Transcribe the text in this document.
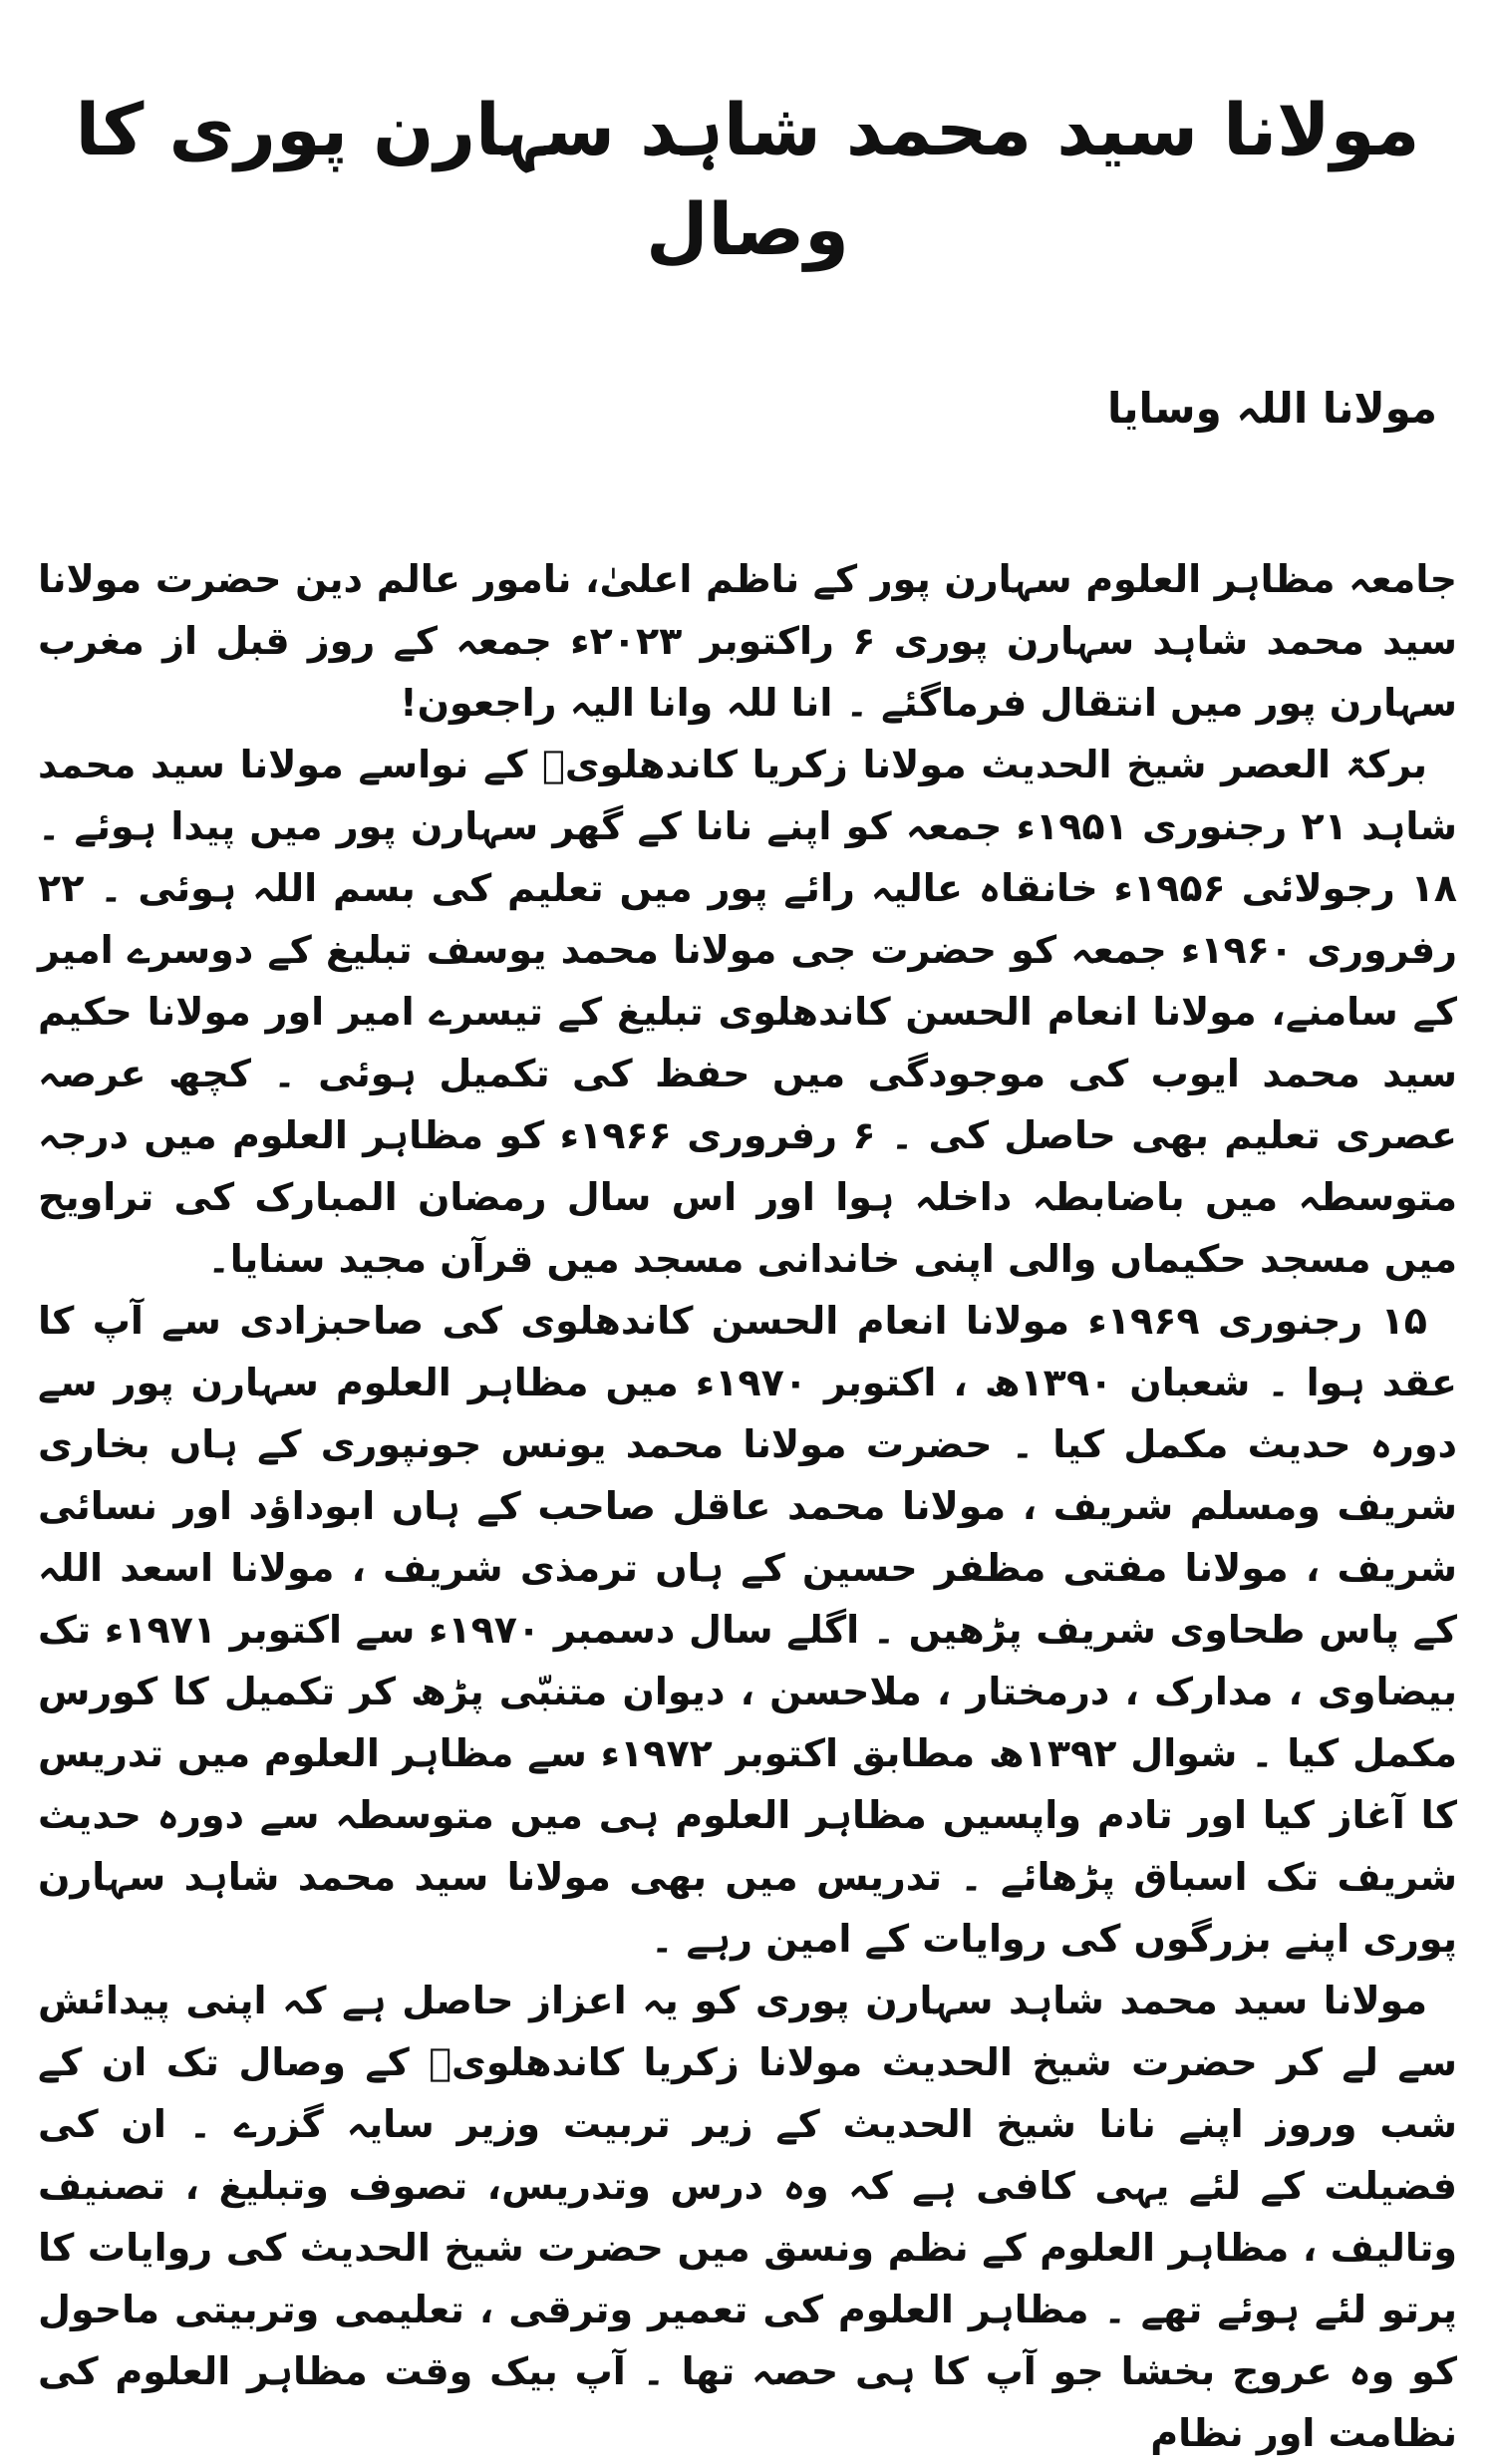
مولانا سید محمد شاہد سہارن پوری کا وصال
مولانا اللہ وسایا

جامعہ مظاہر العلوم سہارن پور کے ناظم اعلیٰ، نامور عالم دین حضرت مولانا سید محمد شاہد سہارن پوری ۶ راکتوبر ۲۰۲۳ء جمعہ کے روز قبل از مغرب سہارن پور میں انتقال فرماگئے ۔ انا للہ وانا الیہ راجعون!

برکۃ العصر شیخ الحدیث مولانا زکریا کاندھلویؒ کے نواسے مولانا سید محمد شاہد ۲۱ رجنوری ۱۹۵۱ء جمعہ کو اپنے نانا کے گھر سہارن پور میں پیدا ہوئے ۔ ۱۸ رجولائی ۱۹۵۶ء خانقاہ عالیہ رائے پور میں تعلیم کی بسم اللہ ہوئی ۔ ۲۲ رفروری ۱۹۶۰ء جمعہ کو حضرت جی مولانا محمد یوسف تبلیغ کے دوسرے امیر کے سامنے، مولانا انعام الحسن کاندھلوی تبلیغ کے تیسرے امیر اور مولانا حکیم سید محمد ایوب کی موجودگی میں حفظ کی تکمیل ہوئی ۔ کچھ عرصہ عصری تعلیم بھی حاصل کی ۔ ۶ رفروری ۱۹۶۶ء کو مظاہر العلوم میں درجہ متوسطہ میں باضابطہ داخلہ ہوا اور اس سال رمضان المبارک کی تراویح میں مسجد حکیماں والی اپنی خاندانی مسجد میں قرآن مجید سنایا۔

۱۵ رجنوری ۱۹۶۹ء مولانا انعام الحسن کاندھلوی کی صاحبزادی سے آپ کا عقد ہوا ۔ شعبان ۱۳۹۰ھ ، اکتوبر ۱۹۷۰ء میں مظاہر العلوم سہارن پور سے دورہ حدیث مکمل کیا ۔ حضرت مولانا محمد یونس جونپوری کے ہاں بخاری شریف ومسلم شریف ، مولانا محمد عاقل صاحب کے ہاں ابوداؤد اور نسائی شریف ، مولانا مفتی مظفر حسین کے ہاں ترمذی شریف ، مولانا اسعد اللہ کے پاس طحاوی شریف پڑھیں ۔ اگلے سال دسمبر ۱۹۷۰ء سے اکتوبر ۱۹۷۱ء تک بیضاوی ، مدارک ، درمختار ، ملاحسن ، دیوان متنبّی پڑھ کر تکمیل کا کورس مکمل کیا ۔ شوال ۱۳۹۲ھ مطابق اکتوبر ۱۹۷۲ء سے مظاہر العلوم میں تدریس کا آغاز کیا اور تادم واپسیں مظاہر العلوم ہی میں متوسطہ سے دورہ حدیث شریف تک اسباق پڑھائے ۔ تدریس میں بھی مولانا سید محمد شاہد سہارن پوری اپنے بزرگوں کی روایات کے امین رہے ۔

مولانا سید محمد شاہد سہارن پوری کو یہ اعزاز حاصل ہے کہ اپنی پیدائش سے لے کر حضرت شیخ الحدیث مولانا زکریا کاندھلویؒ کے وصال تک ان کے شب وروز اپنے نانا شیخ الحدیث کے زیر تربیت وزیر سایہ گزرے ۔ ان کی فضیلت کے لئے یہی کافی ہے کہ وہ درس وتدریس، تصوف وتبلیغ ، تصنیف وتالیف ، مظاہر العلوم کے نظم ونسق میں حضرت شیخ الحدیث کی روایات کا پرتو لئے ہوئے تھے ۔ مظاہر العلوم کی تعمیر وترقی ، تعلیمی وتربیتی ماحول کو وہ عروج بخشا جو آپ کا ہی حصہ تھا ۔ آپ بیک وقت مظاہر العلوم کی نظامت اور نظام
